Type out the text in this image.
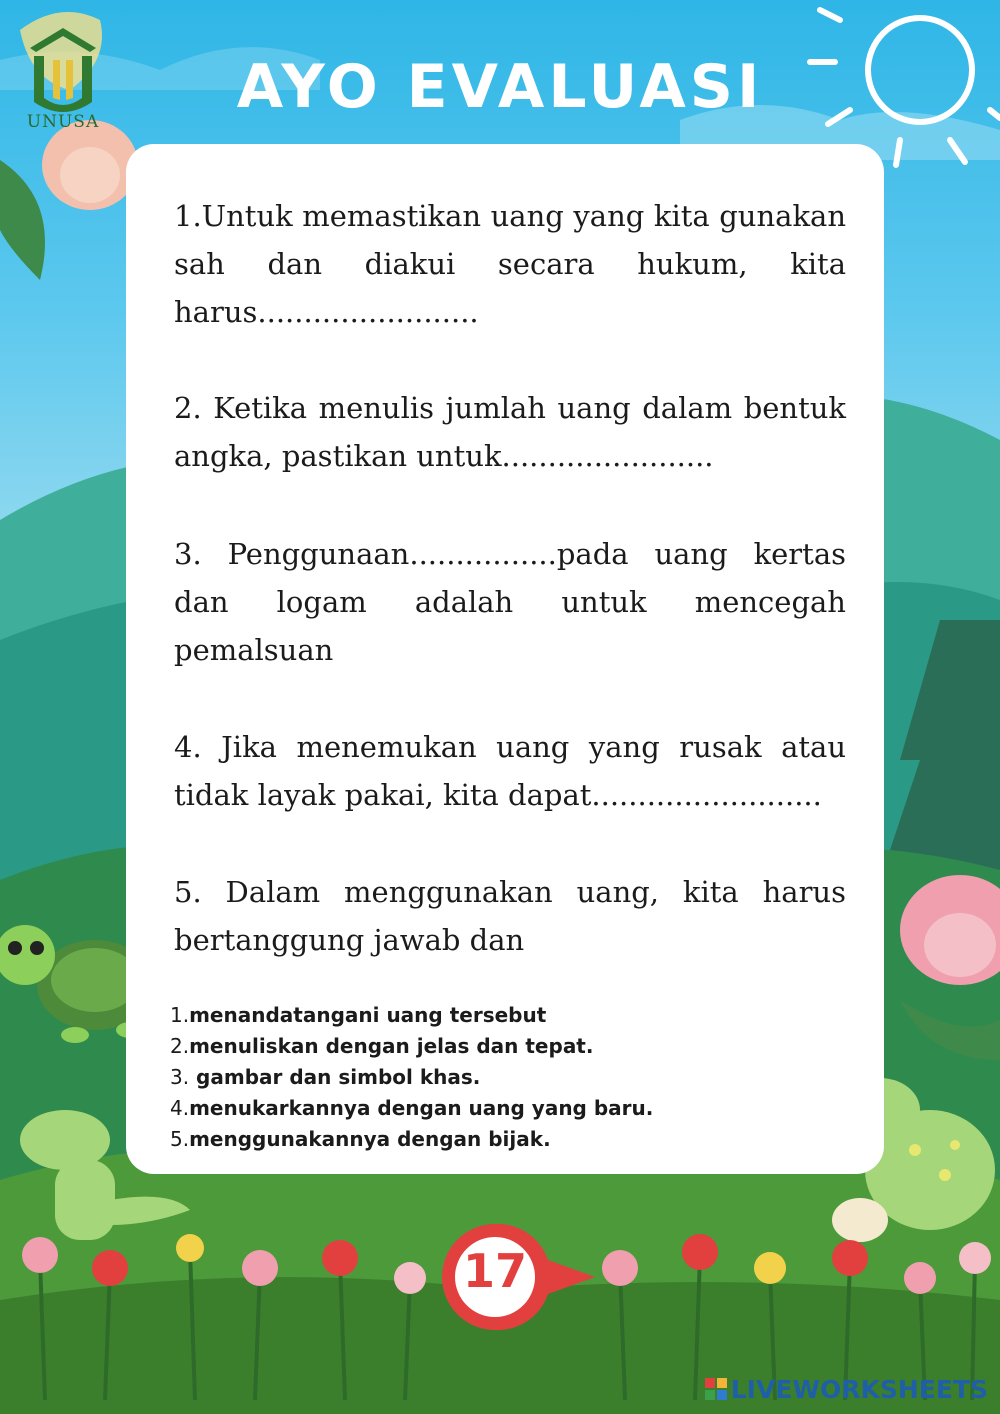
UNUSA	AYO EVALUASI
1.Untuk memastikan uang yang kita gunakan sah dan diakui secara hukum, kita harus........................
2. Ketika menulis jumlah uang dalam bentuk angka, pastikan untuk.......................
3. Penggunaan................pada uang kertas dan logam adalah untuk mencegah pemalsuan
4. Jika menemukan uang yang rusak atau tidak layak pakai, kita dapat.........................
5. Dalam menggunakan uang, kita harus bertanggung jawab dan
1.menandatangani uang tersebut
2.menuliskan dengan jelas dan tepat.
3. gambar dan simbol khas.
4.menukarkannya dengan uang yang baru.
5.menggunakannya dengan bijak.
17
LIVEWORKSHEETS
